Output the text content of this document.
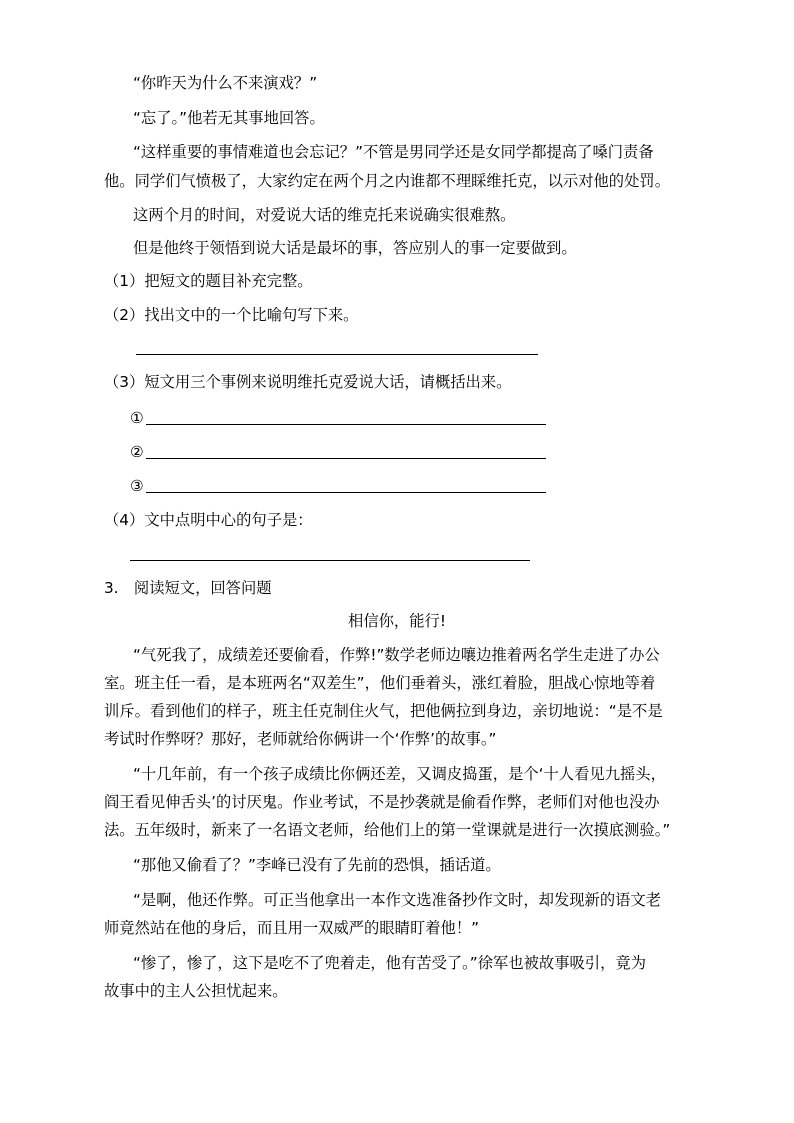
“你昨天为什么不来演戏？”
“忘了。”他若无其事地回答。
“这样重要的事情难道也会忘记？”不管是男同学还是女同学都提高了嗓门责备
他。同学们气愤极了，大家约定在两个月之内谁都不理睬维托克，以示对他的处罚。
这两个月的时间，对爱说大话的维克托来说确实很难熬。
但是他终于领悟到说大话是最坏的事，答应别人的事一定要做到。
（1）把短文的题目补充完整。
（2）找出文中的一个比喻句写下来。
（3）短文用三个事例来说明维托克爱说大话，请概括出来。
①
②
③
（4）文中点明中心的句子是：
3.　阅读短文，回答问题
相信你，能行!
“气死我了，成绩差还要偷看，作弊!”数学老师边嚷边推着两名学生走进了办公
室。班主任一看，是本班两名“双差生”，他们垂着头，涨红着脸，胆战心惊地等着
训斥。看到他们的样子，班主任克制住火气，把他俩拉到身边，亲切地说：“是不是
考试时作弊呀？那好，老师就给你俩讲一个‘作弊’的故事。”
“十几年前，有一个孩子成绩比你俩还差，又调皮捣蛋，是个‘十人看见九摇头，
阎王看见伸舌头’的讨厌鬼。作业考试，不是抄袭就是偷看作弊，老师们对他也没办
法。五年级时，新来了一名语文老师，给他们上的第一堂课就是进行一次摸底测验。”
“那他又偷看了？”李峰已没有了先前的恐惧，插话道。
“是啊，他还作弊。可正当他拿出一本作文选准备抄作文时，却发现新的语文老
师竟然站在他的身后，而且用一双威严的眼睛盯着他！”
“惨了，惨了，这下是吃不了兜着走，他有苦受了。”徐军也被故事吸引，竟为
故事中的主人公担忧起来。
